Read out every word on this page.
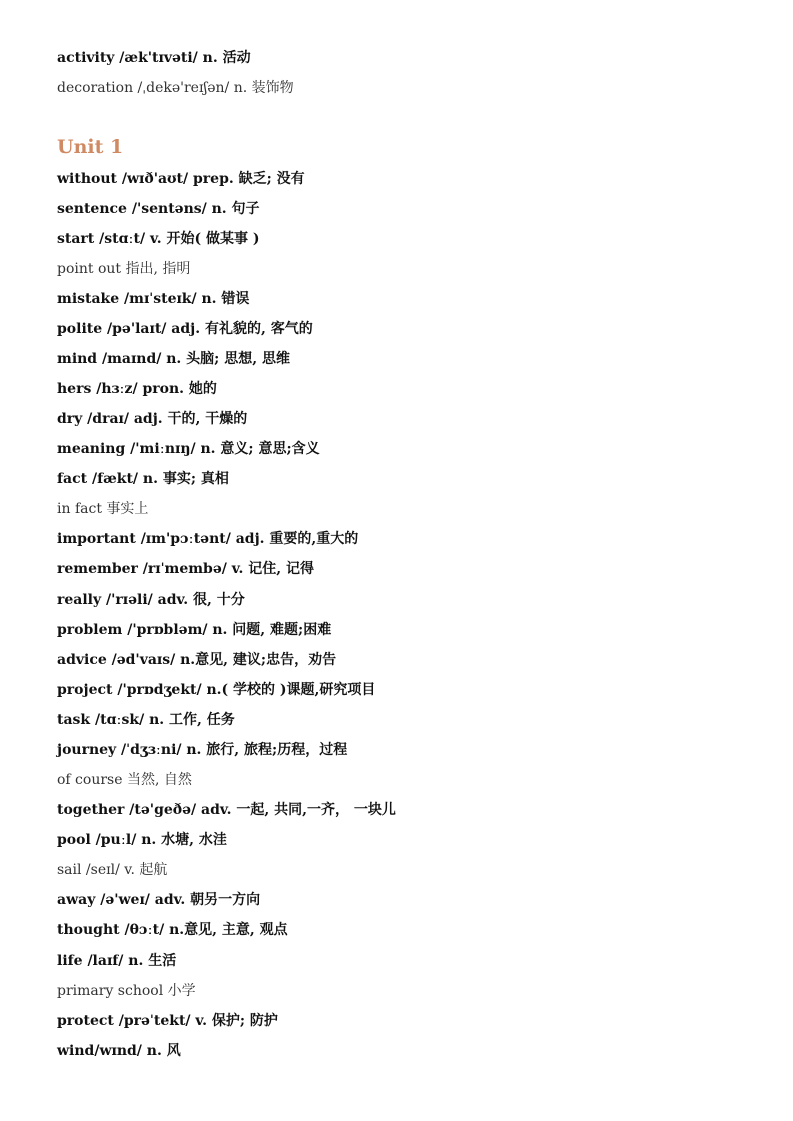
activity /æk'tɪvəti/ n. 活动
decoration /ˌdekə'reɪʃən/ n. 装饰物
Unit 1
without /wɪð'aʊt/ prep. 缺乏; 没有
sentence /'sentəns/ n. 句子
start /stɑːt/ v. 开始( 做某事 )
point out 指出, 指明
mistake /mɪˈsteɪk/ n. 错误
polite /pə'laɪt/ adj. 有礼貌的, 客气的
mind /maɪnd/ n. 头脑; 思想, 思维
hers /hɜːz/ pron. 她的
dry /draɪ/ adj. 干的, 干燥的
meaning /'miːnɪŋ/ n. 意义; 意思;含义
fact /fækt/ n. 事实; 真相
in fact 事实上
important /ɪm'pɔːtənt/ adj. 重要的,重大的
remember /rɪˈmembə/ v. 记住, 记得
really /'rɪəli/ adv. 很, 十分
problem /'prɒbləm/ n. 问题, 难题;困难
advice /əd'vaɪs/ n.意见, 建议;忠告，劝告
project /'prɒdʒekt/ n.( 学校的 )课题,研究项目
task /tɑːsk/ n. 工作, 任务
journey /ˈdʒɜːni/ n. 旅行, 旅程;历程，过程
of course 当然, 自然
together /tə'geðə/ adv. 一起, 共同,一齐， 一块儿
pool /puːl/ n. 水塘, 水洼
sail /seɪl/ v. 起航
away /ə'weɪ/ adv. 朝另一方向
thought /θɔːt/ n.意见, 主意, 观点
life /laɪf/ n. 生活
primary school 小学
protect /prəˈtekt/ v. 保护; 防护
wind/wɪnd/ n. 风
